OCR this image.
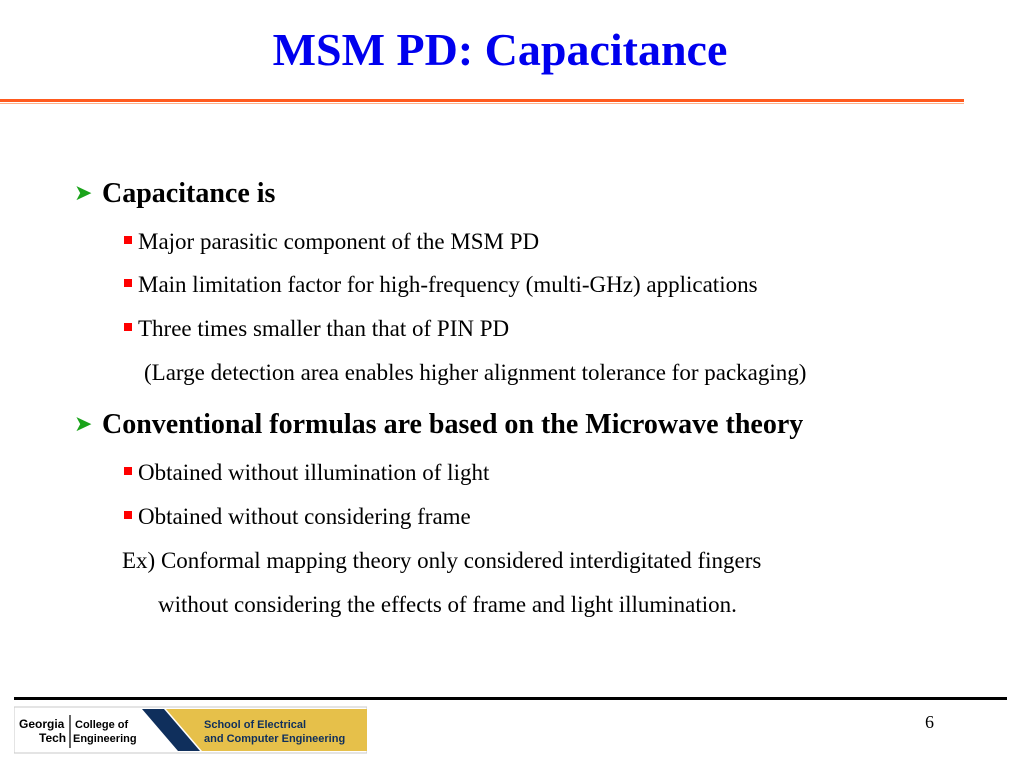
MSM PD: Capacitance
➤ Capacitance is
Major parasitic component of the MSM PD
Main limitation factor for high-frequency (multi-GHz) applications
Three times smaller than that of PIN PD
(Large detection area enables higher alignment tolerance for packaging)
➤ Conventional formulas are based on the Microwave theory
Obtained without illumination of light
Obtained without considering frame
Ex) Conformal mapping theory only considered interdigitated fingers
without considering the effects of frame and light illumination.
6
Georgia
Tech
College of
Engineering
School of Electrical
and Computer Engineering
